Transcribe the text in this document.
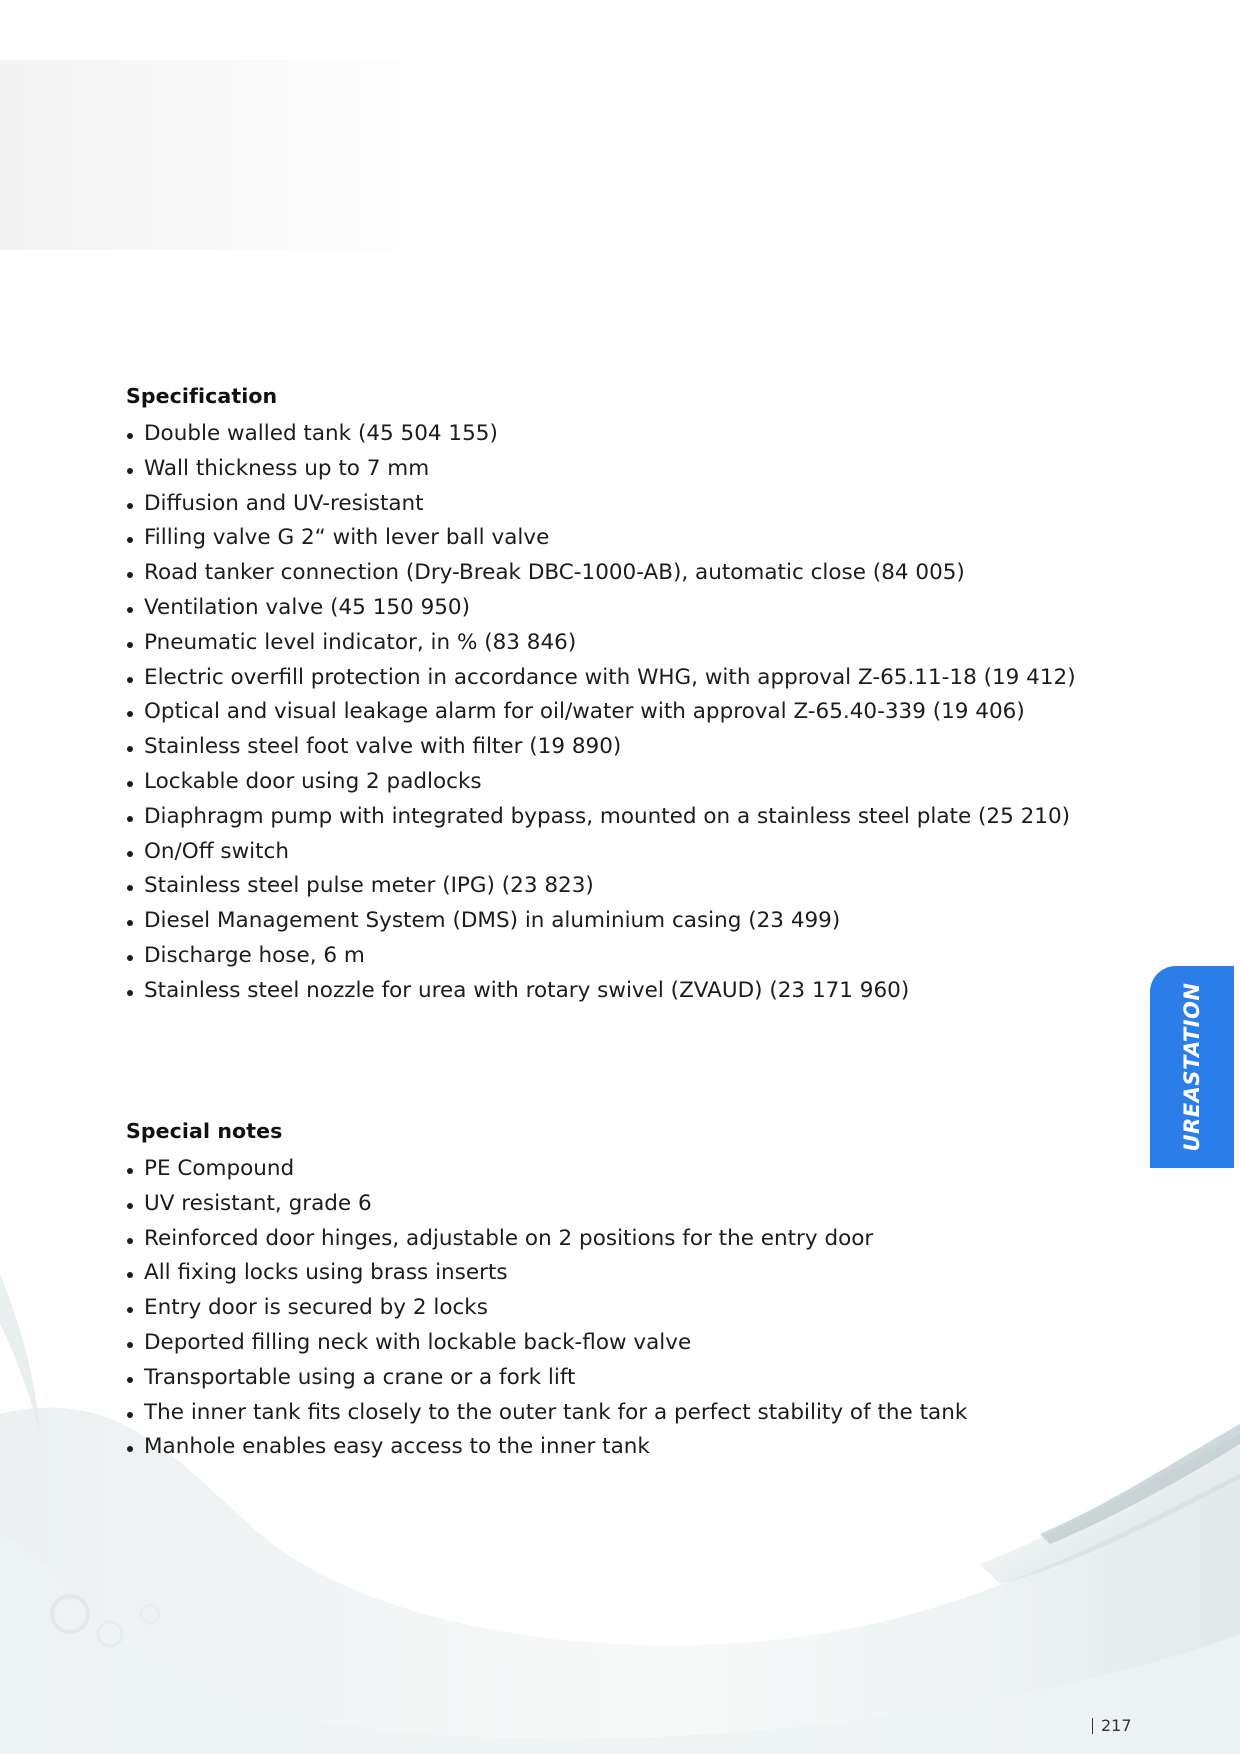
Specification
Double walled tank (45 504 155)
Wall thickness up to 7 mm
Diffusion and UV-resistant
Filling valve G 2“ with lever ball valve
Road tanker connection (Dry-Break DBC-1000-AB), automatic close (84 005)
Ventilation valve (45 150 950)
Pneumatic level indicator, in % (83 846)
Electric overfill protection in accordance with WHG, with approval Z-65.11-18 (19 412)
Optical and visual leakage alarm for oil/water with approval Z-65.40-339 (19 406)
Stainless steel foot valve with filter (19 890)
Lockable door using 2 padlocks
Diaphragm pump with integrated bypass, mounted on a stainless steel plate (25 210)
On/Off switch
Stainless steel pulse meter (IPG) (23 823)
Diesel Management System (DMS) in aluminium casing (23 499)
Discharge hose, 6 m
Stainless steel nozzle for urea with rotary swivel (ZVAUD) (23 171 960)
Special notes
PE Compound
UV resistant, grade 6
Reinforced door hinges, adjustable on 2 positions for the entry door
All fixing locks using brass inserts
Entry door is secured by 2 locks
Deported filling neck with lockable back-flow valve
Transportable using a crane or a fork lift
The inner tank fits closely to the outer tank for a perfect stability of the tank
Manhole enables easy access to the inner tank
UREASTATION
217
